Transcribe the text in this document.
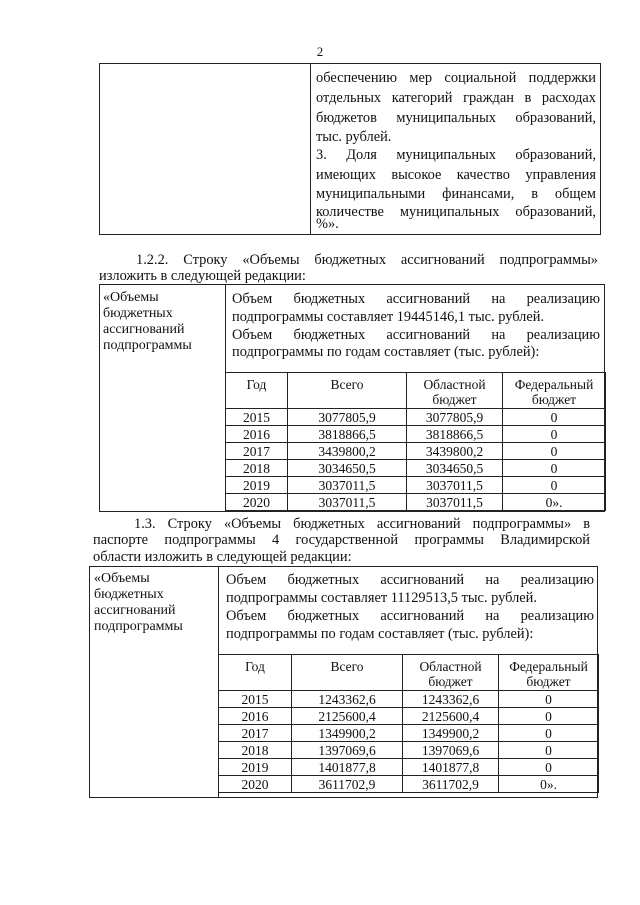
2
обеспечению мер социальной поддержки
отдельных категорий граждан в расходах
бюджетов муниципальных образований,
тыс. рублей.
3. Доля муниципальных образований,
имеющих высокое качество управления
муниципальными финансами, в общем
количестве муниципальных образований,
%».
1.2.2. Строку «Объемы бюджетных ассигнований подпрограммы»
изложить в следующей редакции:
«Объемы
бюджетных
ассигнований
подпрограммы
Объем бюджетных ассигнований на реализацию
подпрограммы составляет 19445146,1 тыс. рублей.
Объем бюджетных ассигнований на реализацию
подпрограммы по годам составляет (тыс. рублей):
Год	Всего	Областной бюджет	Федеральный бюджет
2015	3077805,9	3077805,9	0
2016	3818866,5	3818866,5	0
2017	3439800,2	3439800,2	0
2018	3034650,5	3034650,5	0
2019	3037011,5	3037011,5	0
2020	3037011,5	3037011,5	0».
1.3. Строку «Объемы бюджетных ассигнований подпрограммы» в
паспорте подпрограммы 4 государственной программы Владимирской
области изложить в следующей редакции:
«Объемы
бюджетных
ассигнований
подпрограммы
Объем бюджетных ассигнований на реализацию
подпрограммы составляет 11129513,5 тыс. рублей.
Объем бюджетных ассигнований на реализацию
подпрограммы по годам составляет (тыс. рублей):
Год	Всего	Областной бюджет	Федеральный бюджет
2015	1243362,6	1243362,6	0
2016	2125600,4	2125600,4	0
2017	1349900,2	1349900,2	0
2018	1397069,6	1397069,6	0
2019	1401877,8	1401877,8	0
2020	3611702,9	3611702,9	0».
